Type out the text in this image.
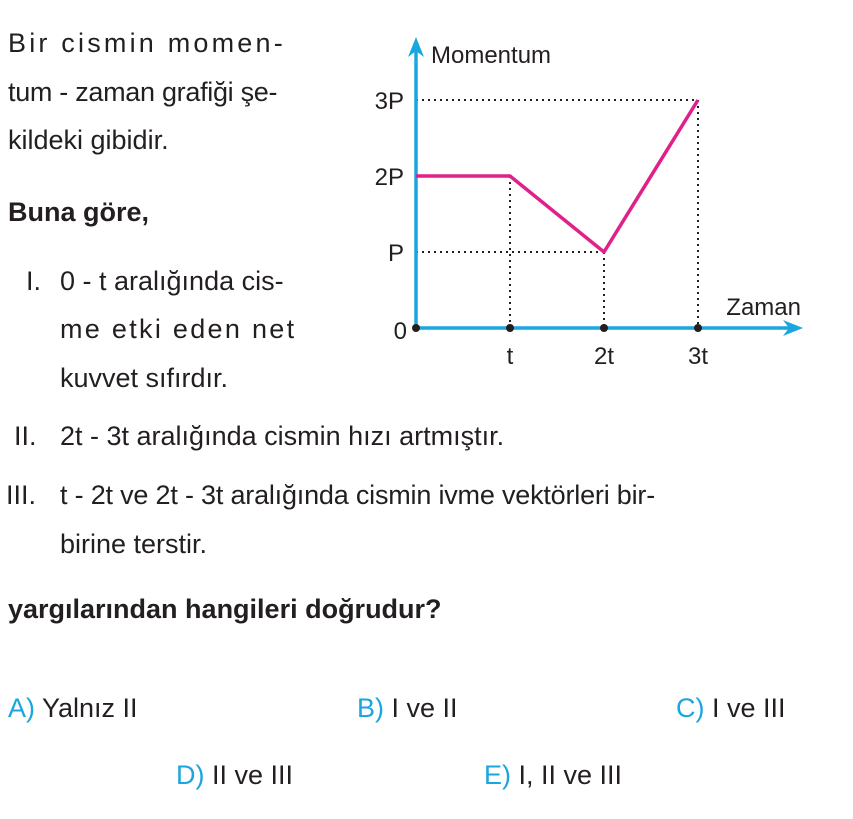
Bir cismin momen-
tum - zaman grafiği şe-
kildeki gibidir.
Buna göre,
I. 0 - t aralığında cis-
me etki eden net
kuvvet sıfırdır.
II. 2t - 3t aralığında cismin hızı artmıştır.
III. t - 2t ve 2t - 3t aralığında cismin ivme vektörleri bir-
birine terstir.
yargılarından hangileri doğrudur?
A) Yalnız II	B) I ve II	C) I ve III
D) II ve III	E) I, II ve III
Momentum
Zaman
0
t	2t	3t
P
2P
3P
